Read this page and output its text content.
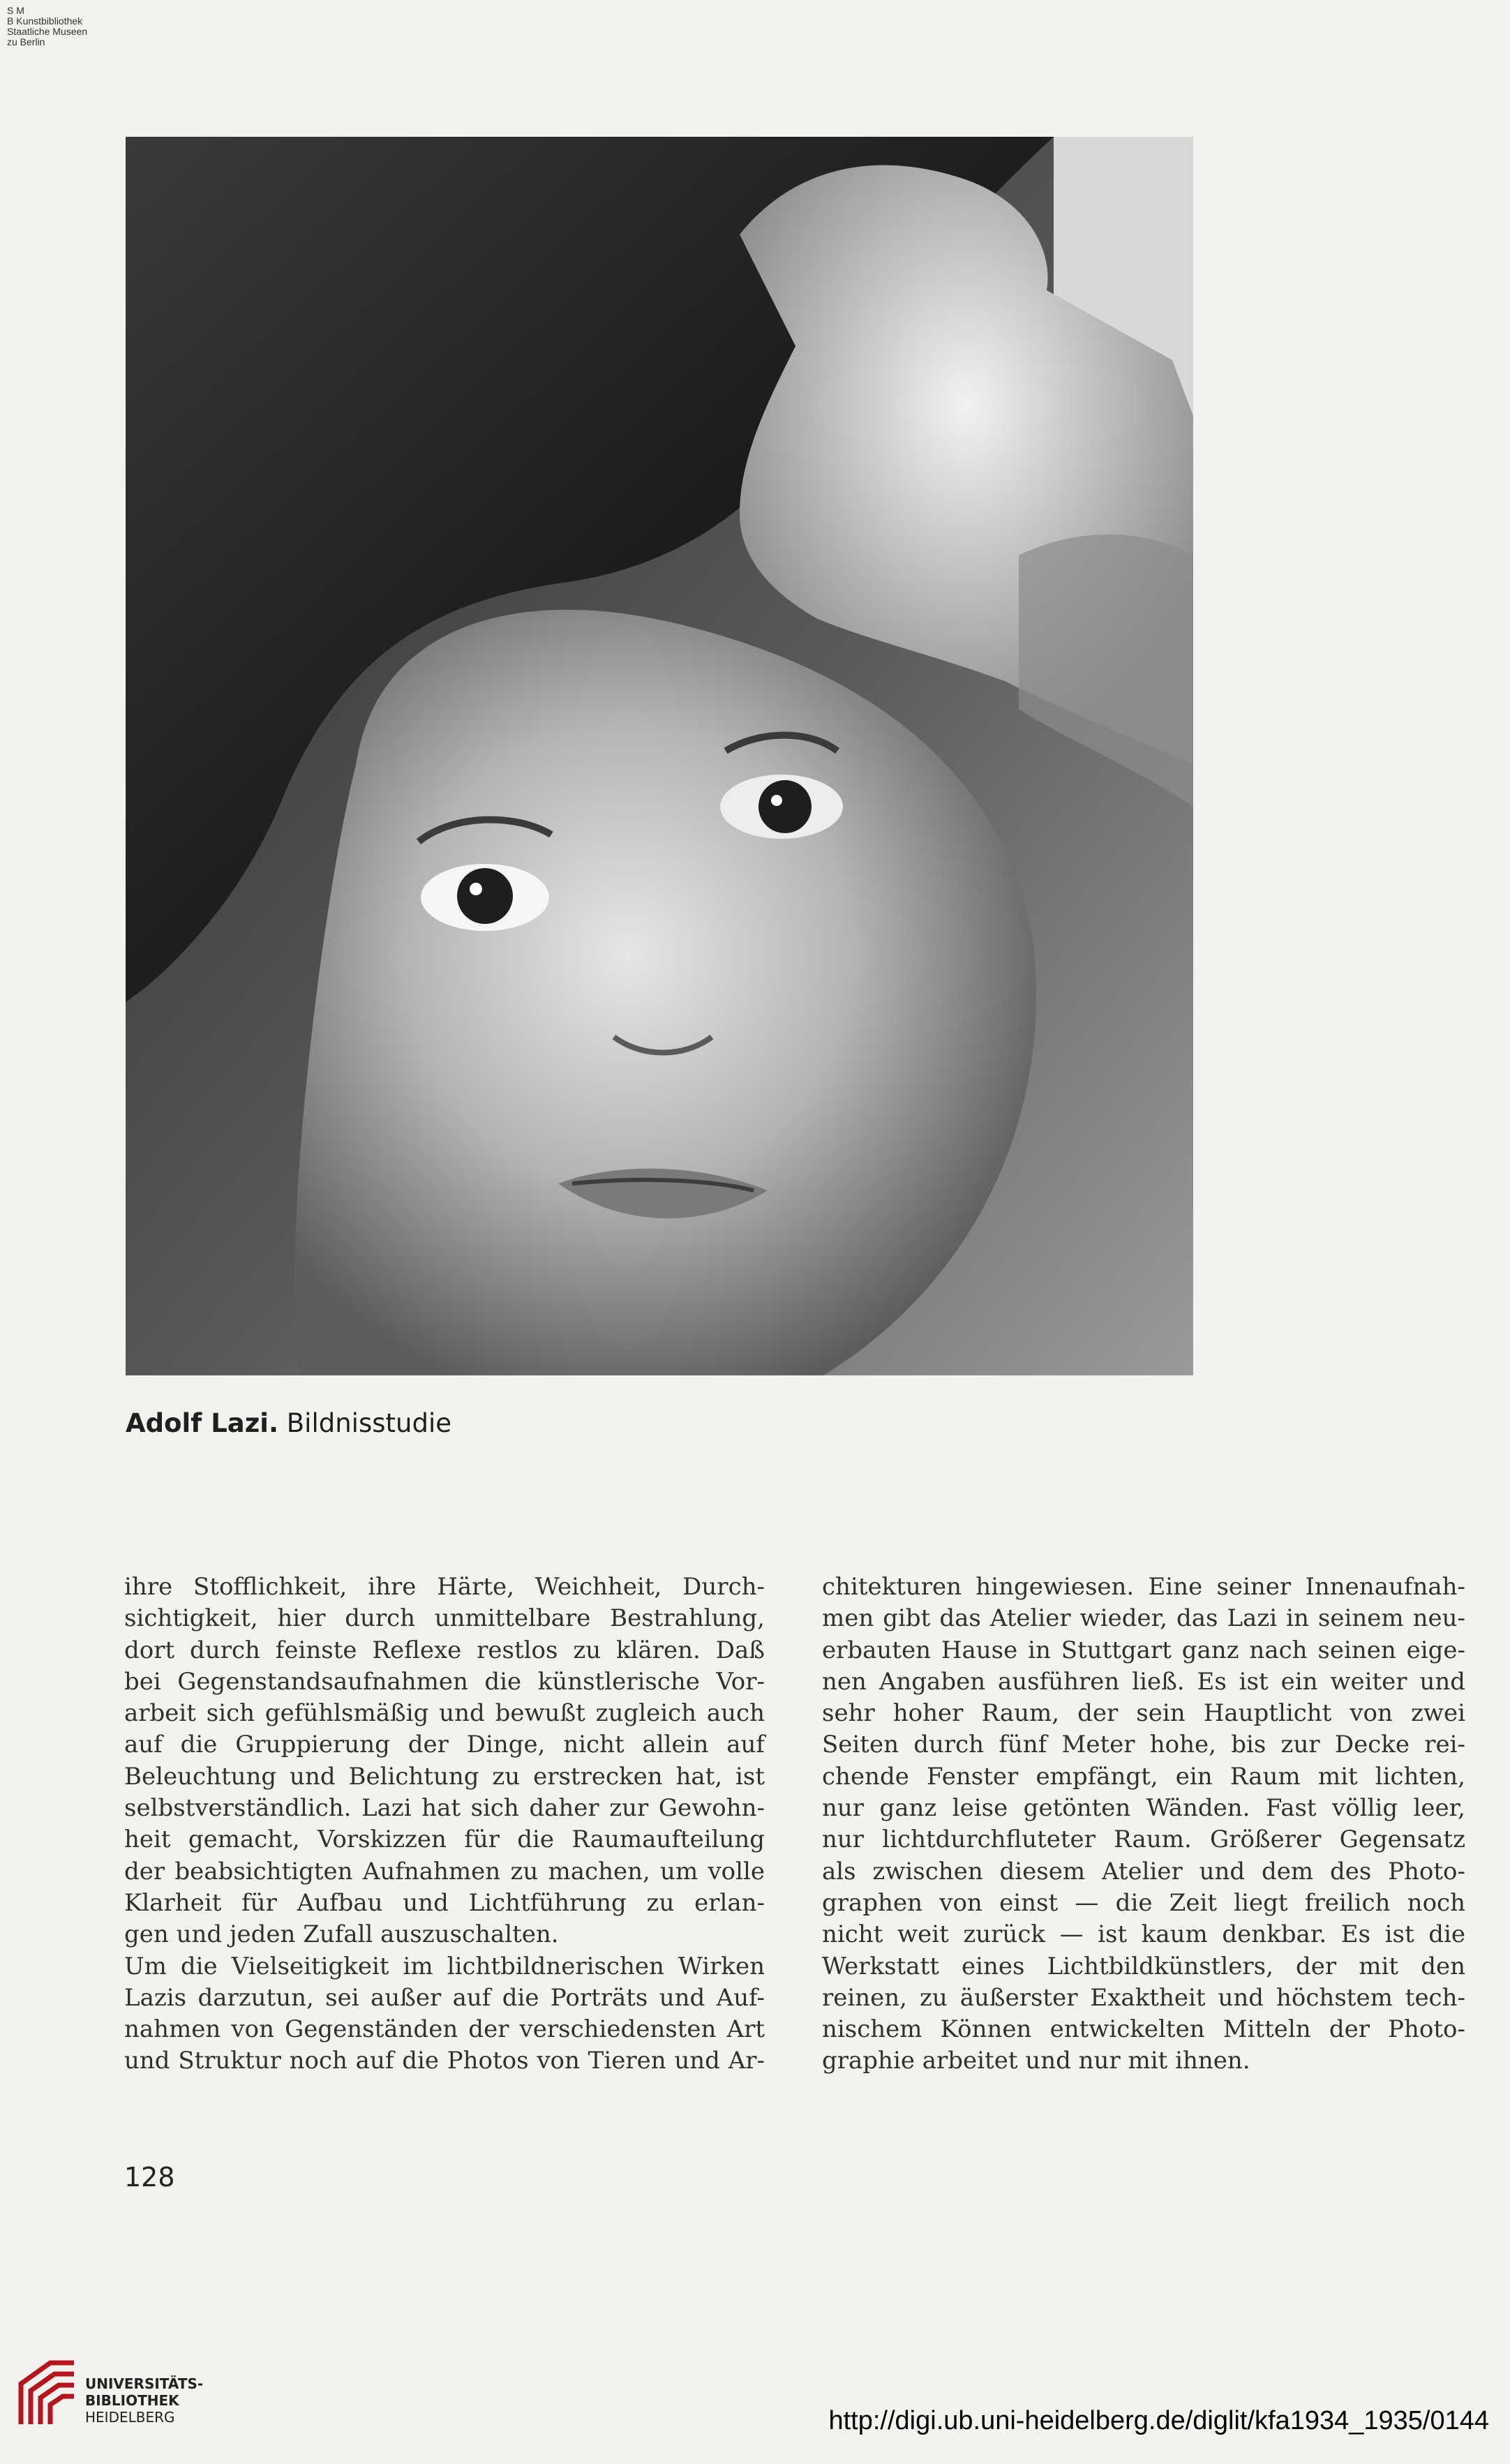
S M
B Kunstbibliothek
Staatliche Museen
zu Berlin
Adolf Lazi. Bildnisstudie
ihre Stofflichkeit, ihre Härte, Weichheit, Durch-
sichtigkeit, hier durch unmittelbare Bestrahlung,
dort durch feinste Reflexe restlos zu klären. Daß
bei Gegenstandsaufnahmen die künstlerische Vor-
arbeit sich gefühlsmäßig und bewußt zugleich auch
auf die Gruppierung der Dinge, nicht allein auf
Beleuchtung und Belichtung zu erstrecken hat, ist
selbstverständlich. Lazi hat sich daher zur Gewohn-
heit gemacht, Vorskizzen für die Raumaufteilung
der beabsichtigten Aufnahmen zu machen, um volle
Klarheit für Aufbau und Lichtführung zu erlan-
gen und jeden Zufall auszuschalten.
Um die Vielseitigkeit im lichtbildnerischen Wirken
Lazis darzutun, sei außer auf die Porträts und Auf-
nahmen von Gegenständen der verschiedensten Art
und Struktur noch auf die Photos von Tieren und Ar-
chitekturen hingewiesen. Eine seiner Innenaufnah-
men gibt das Atelier wieder, das Lazi in seinem neu-
erbauten Hause in Stuttgart ganz nach seinen eige-
nen Angaben ausführen ließ. Es ist ein weiter und
sehr hoher Raum, der sein Hauptlicht von zwei
Seiten durch fünf Meter hohe, bis zur Decke rei-
chende Fenster empfängt, ein Raum mit lichten,
nur ganz leise getönten Wänden. Fast völlig leer,
nur lichtdurchfluteter Raum. Größerer Gegensatz
als zwischen diesem Atelier und dem des Photo-
graphen von einst — die Zeit liegt freilich noch
nicht weit zurück — ist kaum denkbar. Es ist die
Werkstatt eines Lichtbildkünstlers, der mit den
reinen, zu äußerster Exaktheit und höchstem tech-
nischem Können entwickelten Mitteln der Photo-
graphie arbeitet und nur mit ihnen.
128
UNIVERSITÄTS-
BIBLIOTHEK
HEIDELBERG	http://digi.ub.uni-heidelberg.de/diglit/kfa1934_1935/0144
